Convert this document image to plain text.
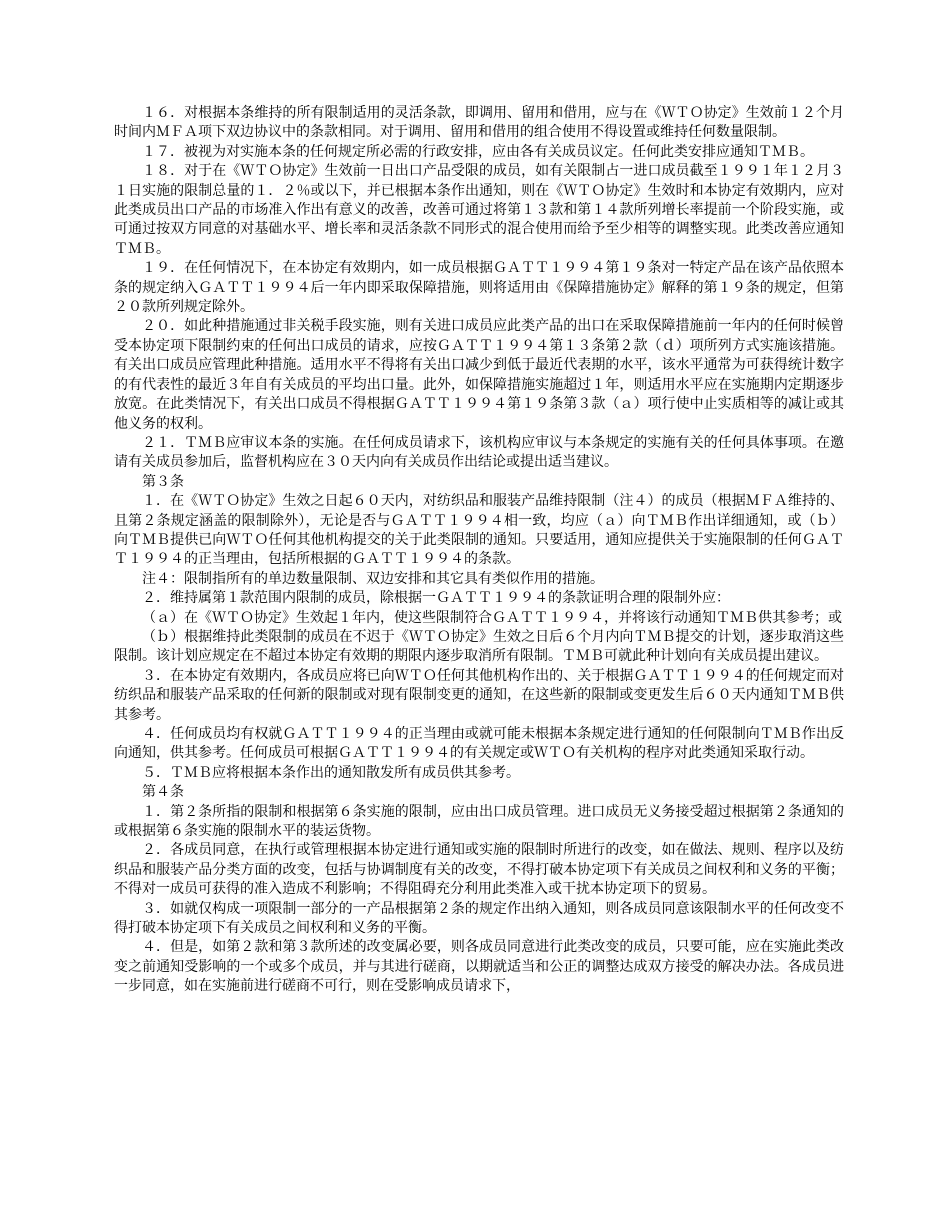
１６．对根据本条维持的所有限制适用的灵活条款，即调用、留用和借用，应与在《ＷＴＯ协定》生效前１２个月时间内ＭＦＡ项下双边协议中的条款相同。对于调用、留用和借用的组合使用不得设置或维持任何数量限制。

１７．被视为对实施本条的任何规定所必需的行政安排，应由各有关成员议定。任何此类安排应通知ＴＭＢ。

１８．对于在《ＷＴＯ协定》生效前一日出口产品受限的成员，如有关限制占一进口成员截至１９９１年１２月３１日实施的限制总量的１．２％或以下，并已根据本条作出通知，则在《ＷＴＯ协定》生效时和本协定有效期内，应对此类成员出口产品的市场准入作出有意义的改善，改善可通过将第１３款和第１４款所列增长率提前一个阶段实施，或可通过按双方同意的对基础水平、增长率和灵活条款不同形式的混合使用而给予至少相等的调整实现。此类改善应通知ＴＭＢ。

１９．在任何情况下，在本协定有效期内，如一成员根据ＧＡＴＴ１９９４第１９条对一特定产品在该产品依照本条的规定纳入ＧＡＴＴ１９９４后一年内即采取保障措施，则将适用由《保障措施协定》解释的第１９条的规定，但第２０款所列规定除外。

２０．如此种措施通过非关税手段实施，则有关进口成员应此类产品的出口在采取保障措施前一年内的任何时候曾受本协定项下限制约束的任何出口成员的请求，应按ＧＡＴＴ１９９４第１３条第２款（ｄ）项所列方式实施该措施。有关出口成员应管理此种措施。适用水平不得将有关出口减少到低于最近代表期的水平，该水平通常为可获得统计数字的有代表性的最近３年自有关成员的平均出口量。此外，如保障措施实施超过１年，则适用水平应在实施期内定期逐步放宽。在此类情况下，有关出口成员不得根据ＧＡＴＴ１９９４第１９条第３款（ａ）项行使中止实质相等的减让或其他义务的权利。

２１．ＴＭＢ应审议本条的实施。在任何成员请求下，该机构应审议与本条规定的实施有关的任何具体事项。在邀请有关成员参加后，监督机构应在３０天内向有关成员作出结论或提出适当建议。

第３条

１．在《ＷＴＯ协定》生效之日起６０天内，对纺织品和服装产品维持限制（注４）的成员（根据ＭＦＡ维持的、且第２条规定涵盖的限制除外），无论是否与ＧＡＴＴ１９９４相一致，均应（ａ）向ＴＭＢ作出详细通知，或（ｂ）向ＴＭＢ提供已向ＷＴＯ任何其他机构提交的关于此类限制的通知。只要适用，通知应提供关于实施限制的任何ＧＡＴＴ１９９４的正当理由，包括所根据的ＧＡＴＴ１９９４的条款。

注４：限制指所有的单边数量限制、双边安排和其它具有类似作用的措施。

２．维持属第１款范围内限制的成员，除根据一ＧＡＴＴ１９９４的条款证明合理的限制外应：

（ａ）在《ＷＴＯ协定》生效起１年内，使这些限制符合ＧＡＴＴ１９９４，并将该行动通知ＴＭＢ供其参考；或

（ｂ）根据维持此类限制的成员在不迟于《ＷＴＯ协定》生效之日后６个月内向ＴＭＢ提交的计划，逐步取消这些限制。该计划应规定在不超过本协定有效期的期限内逐步取消所有限制。ＴＭＢ可就此种计划向有关成员提出建议。

３．在本协定有效期内，各成员应将已向ＷＴＯ任何其他机构作出的、关于根据ＧＡＴＴ１９９４的任何规定而对纺织品和服装产品采取的任何新的限制或对现有限制变更的通知，在这些新的限制或变更发生后６０天内通知ＴＭＢ供其参考。

４．任何成员均有权就ＧＡＴＴ１９９４的正当理由或就可能未根据本条规定进行通知的任何限制向ＴＭＢ作出反向通知，供其参考。任何成员可根据ＧＡＴＴ１９９４的有关规定或ＷＴＯ有关机构的程序对此类通知采取行动。

５．ＴＭＢ应将根据本条作出的通知散发所有成员供其参考。

第４条

１．第２条所指的限制和根据第６条实施的限制，应由出口成员管理。进口成员无义务接受超过根据第２条通知的或根据第６条实施的限制水平的装运货物。

２．各成员同意，在执行或管理根据本协定进行通知或实施的限制时所进行的改变，如在做法、规则、程序以及纺织品和服装产品分类方面的改变，包括与协调制度有关的改变，不得打破本协定项下有关成员之间权利和义务的平衡；不得对一成员可获得的准入造成不利影响；不得阻碍充分利用此类准入或干扰本协定项下的贸易。

３．如就仅构成一项限制一部分的一产品根据第２条的规定作出纳入通知，则各成员同意该限制水平的任何改变不得打破本协定项下有关成员之间权利和义务的平衡。

４．但是，如第２款和第３款所述的改变属必要，则各成员同意进行此类改变的成员，只要可能，应在实施此类改变之前通知受影响的一个或多个成员，并与其进行磋商，以期就适当和公正的调整达成双方接受的解决办法。各成员进一步同意，如在实施前进行磋商不可行，则在受影响成员请求下，
